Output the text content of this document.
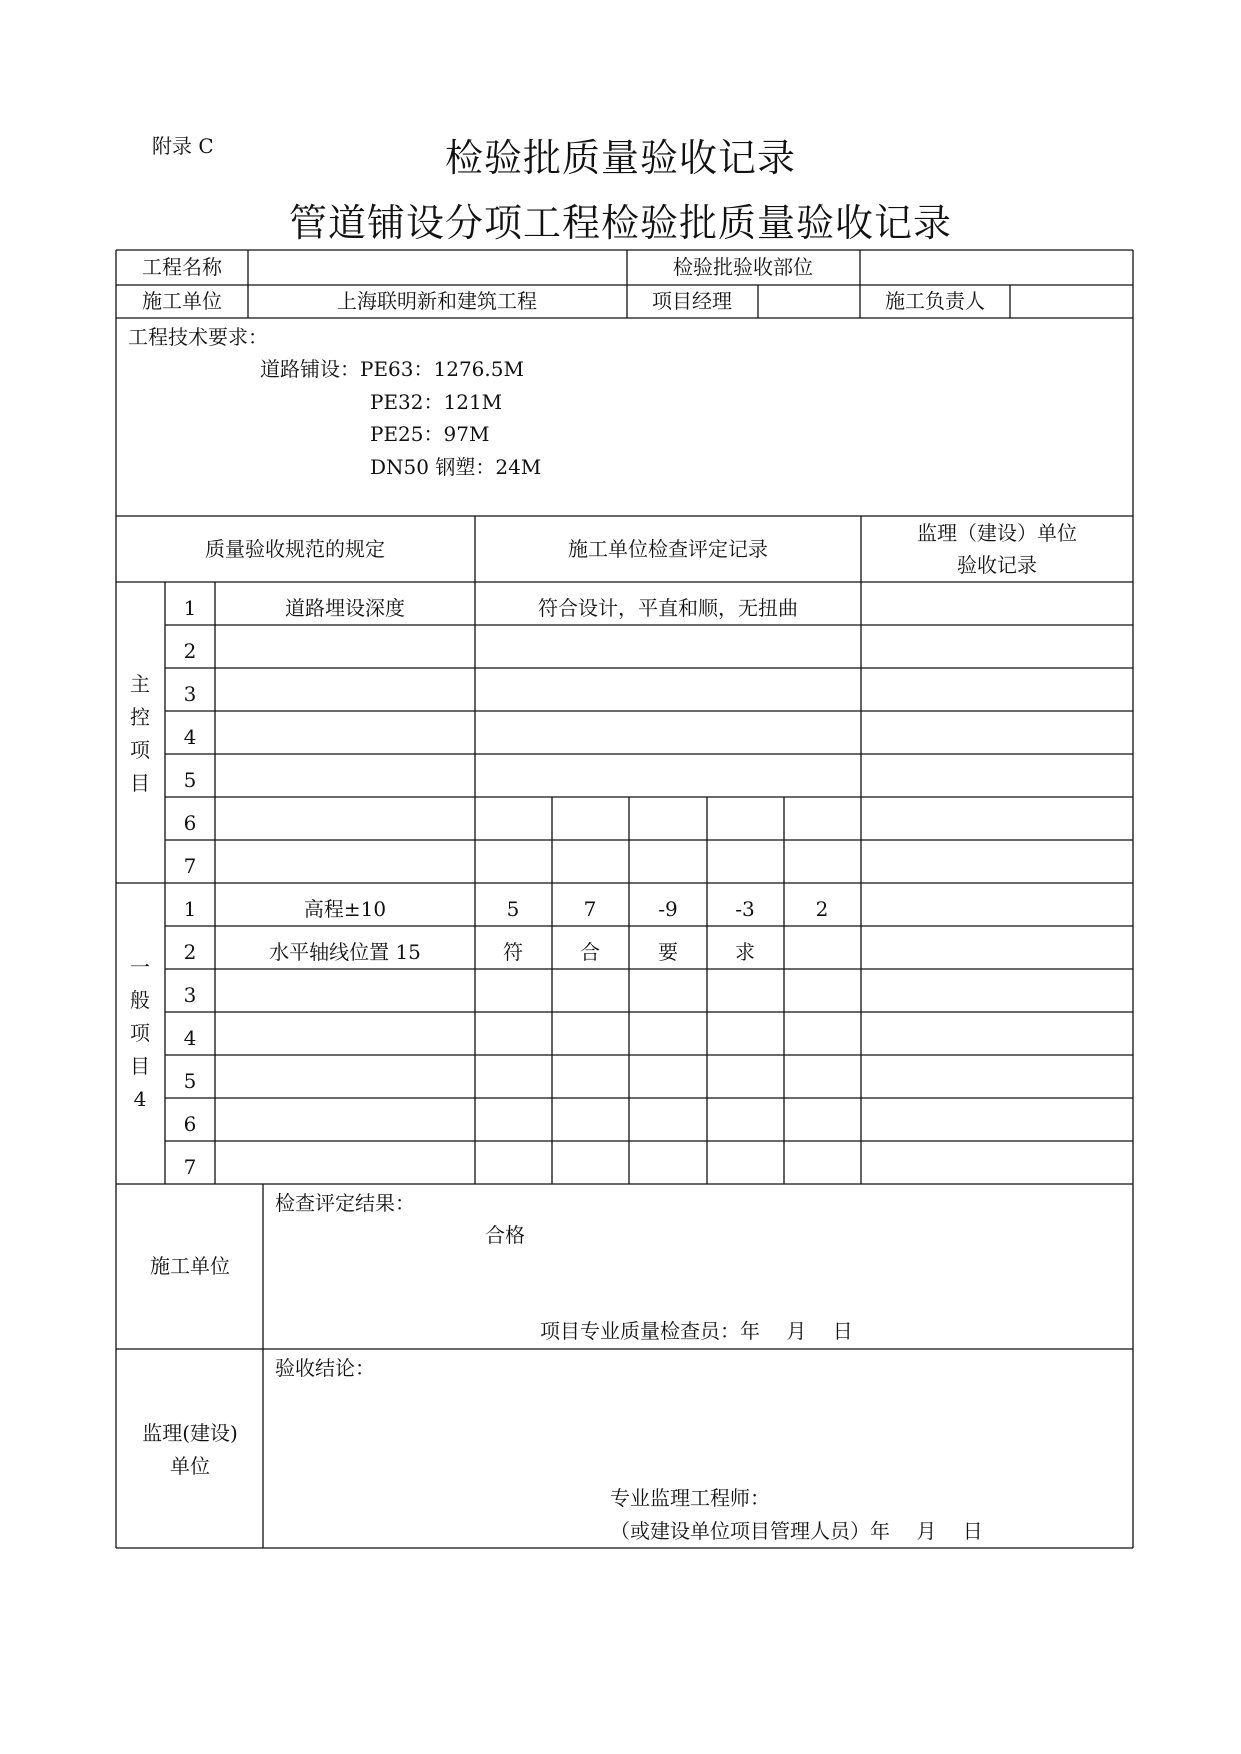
附录 C	检验批质量验收记录
管道铺设分项工程检验批质量验收记录
工程名称	检验批验收部位
施工单位	上海联明新和建筑工程	项目经理	施工负责人
工程技术要求：
道路铺设：PE63：1276.5M
PE32：121M
PE25：97M
DN50 钢塑：24M
质量验收规范的规定	施工单位检查评定记录
监理（建设）单位
验收记录
主
控
项
目
1	道路埋设深度	符合设计，平直和顺，无扭曲
2
3
4
5
6
7
一
般
项
目
4
1	高程±10	5	7	-9	-3	2
2	水平轴线位置 15	符	合	要	求
3
4
5
6
7
施工单位
检查评定结果：
合格
项目专业质量检查员：年　 月　 日
监理(建设)
单位
验收结论：
专业监理工程师：
（或建设单位项目管理人员）年　 月　 日
